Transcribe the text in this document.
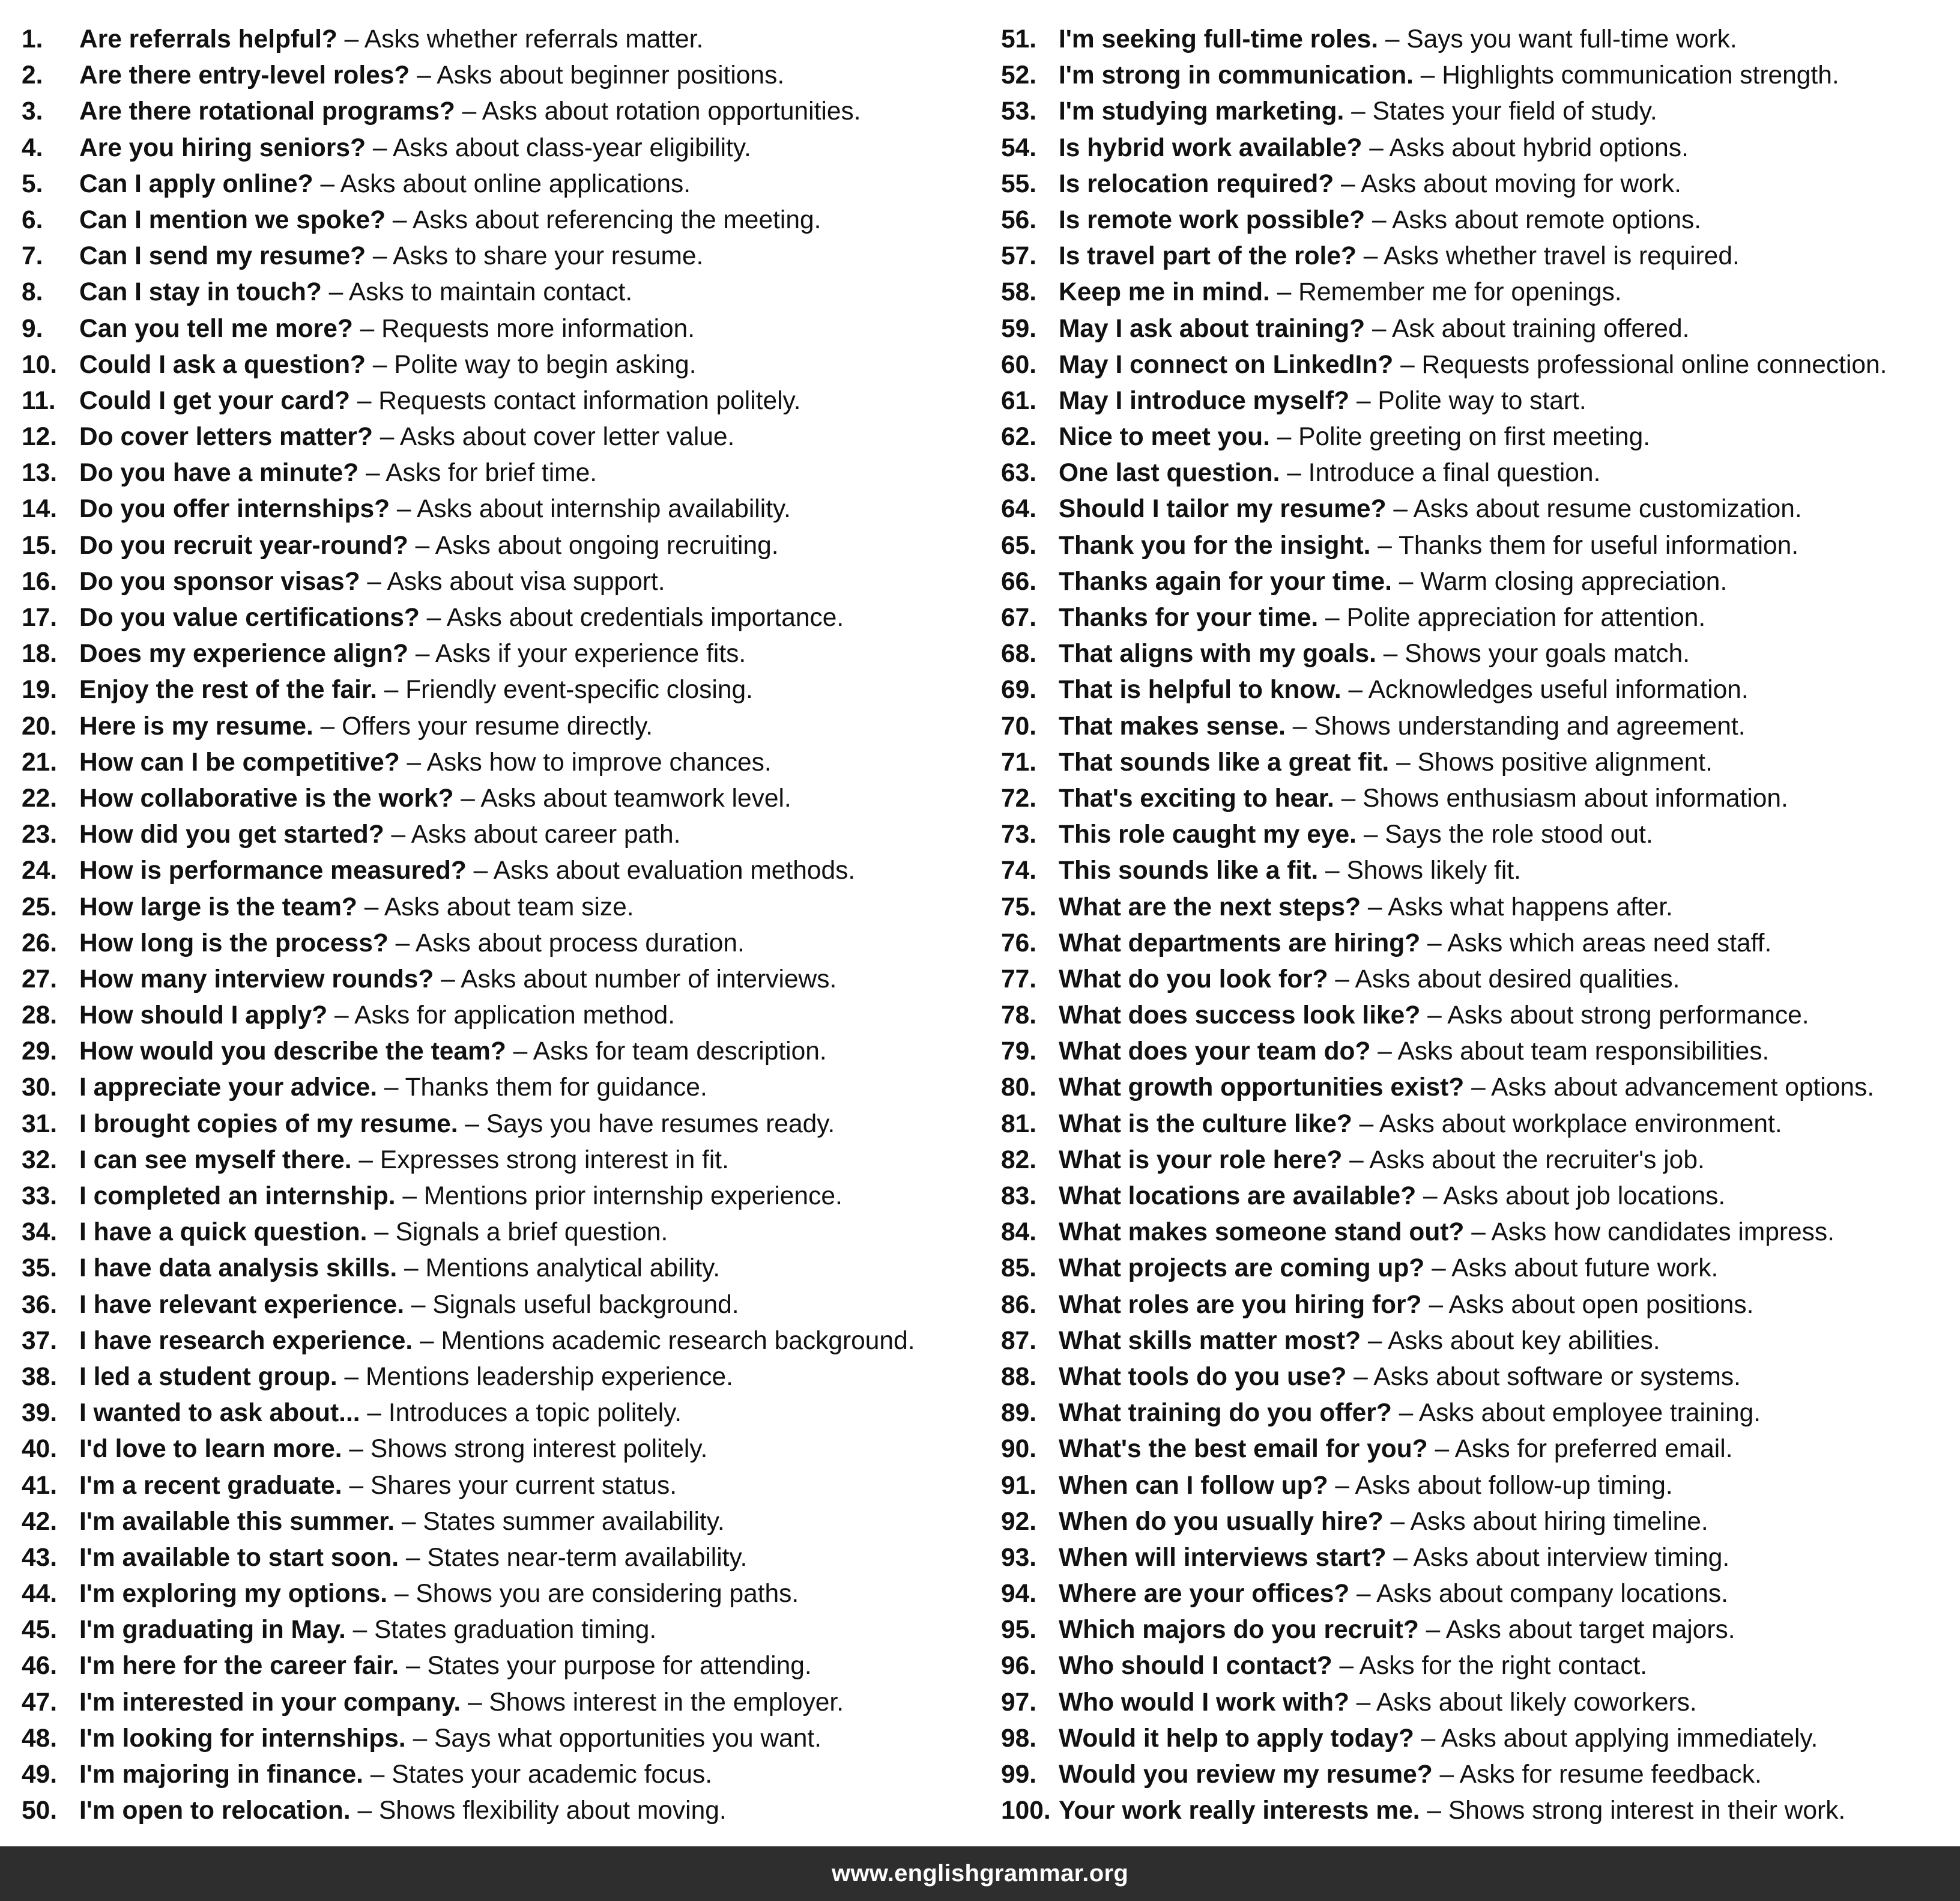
1.	Are referrals helpful? – Asks whether referrals matter.
2.	Are there entry-level roles? – Asks about beginner positions.
3.	Are there rotational programs? – Asks about rotation opportunities.
4.	Are you hiring seniors? – Asks about class-year eligibility.
5.	Can I apply online? – Asks about online applications.
6.	Can I mention we spoke? – Asks about referencing the meeting.
7.	Can I send my resume? – Asks to share your resume.
8.	Can I stay in touch? – Asks to maintain contact.
9.	Can you tell me more? – Requests more information.
10. Could I ask a question? – Polite way to begin asking.
11. Could I get your card? – Requests contact information politely.
12. Do cover letters matter? – Asks about cover letter value.
13. Do you have a minute? – Asks for brief time.
14. Do you offer internships? – Asks about internship availability.
15. Do you recruit year-round? – Asks about ongoing recruiting.
16. Do you sponsor visas? – Asks about visa support.
17. Do you value certifications? – Asks about credentials importance.
18. Does my experience align? – Asks if your experience fits.
19. Enjoy the rest of the fair. – Friendly event-specific closing.
20. Here is my resume. – Offers your resume directly.
21. How can I be competitive? – Asks how to improve chances.
22. How collaborative is the work? – Asks about teamwork level.
23. How did you get started? – Asks about career path.
24. How is performance measured? – Asks about evaluation methods.
25. How large is the team? – Asks about team size.
26. How long is the process? – Asks about process duration.
27. How many interview rounds? – Asks about number of interviews.
28. How should I apply? – Asks for application method.
29. How would you describe the team? – Asks for team description.
30. I appreciate your advice. – Thanks them for guidance.
31. I brought copies of my resume. – Says you have resumes ready.
32. I can see myself there. – Expresses strong interest in fit.
33. I completed an internship. – Mentions prior internship experience.
34. I have a quick question. – Signals a brief question.
35. I have data analysis skills. – Mentions analytical ability.
36. I have relevant experience. – Signals useful background.
37. I have research experience. – Mentions academic research background.
38. I led a student group. – Mentions leadership experience.
39. I wanted to ask about... – Introduces a topic politely.
40. I'd love to learn more. – Shows strong interest politely.
41. I'm a recent graduate. – Shares your current status.
42. I'm available this summer. – States summer availability.
43. I'm available to start soon. – States near-term availability.
44. I'm exploring my options. – Shows you are considering paths.
45. I'm graduating in May. – States graduation timing.
46. I'm here for the career fair. – States your purpose for attending.
47. I'm interested in your company. – Shows interest in the employer.
48. I'm looking for internships. – Says what opportunities you want.
49. I'm majoring in finance. – States your academic focus.
50. I'm open to relocation. – Shows flexibility about moving.
51. I'm seeking full-time roles. – Says you want full-time work.
52. I'm strong in communication. – Highlights communication strength.
53. I'm studying marketing. – States your field of study.
54. Is hybrid work available? – Asks about hybrid options.
55. Is relocation required? – Asks about moving for work.
56. Is remote work possible? – Asks about remote options.
57. Is travel part of the role? – Asks whether travel is required.
58. Keep me in mind. – Remember me for openings.
59. May I ask about training? – Ask about training offered.
60. May I connect on LinkedIn? – Requests professional online connection.
61. May I introduce myself? – Polite way to start.
62. Nice to meet you. – Polite greeting on first meeting.
63. One last question. – Introduce a final question.
64. Should I tailor my resume? – Asks about resume customization.
65. Thank you for the insight. – Thanks them for useful information.
66. Thanks again for your time. – Warm closing appreciation.
67. Thanks for your time. – Polite appreciation for attention.
68. That aligns with my goals. – Shows your goals match.
69. That is helpful to know. – Acknowledges useful information.
70. That makes sense. – Shows understanding and agreement.
71. That sounds like a great fit. – Shows positive alignment.
72. That's exciting to hear. – Shows enthusiasm about information.
73. This role caught my eye. – Says the role stood out.
74. This sounds like a fit. – Shows likely fit.
75. What are the next steps? – Asks what happens after.
76. What departments are hiring? – Asks which areas need staff.
77. What do you look for? – Asks about desired qualities.
78. What does success look like? – Asks about strong performance.
79. What does your team do? – Asks about team responsibilities.
80. What growth opportunities exist? – Asks about advancement options.
81. What is the culture like? – Asks about workplace environment.
82. What is your role here? – Asks about the recruiter's job.
83. What locations are available? – Asks about job locations.
84. What makes someone stand out? – Asks how candidates impress.
85. What projects are coming up? – Asks about future work.
86. What roles are you hiring for? – Asks about open positions.
87. What skills matter most? – Asks about key abilities.
88. What tools do you use? – Asks about software or systems.
89. What training do you offer? – Asks about employee training.
90. What's the best email for you? – Asks for preferred email.
91. When can I follow up? – Asks about follow-up timing.
92. When do you usually hire? – Asks about hiring timeline.
93. When will interviews start? – Asks about interview timing.
94. Where are your offices? – Asks about company locations.
95. Which majors do you recruit? – Asks about target majors.
96. Who should I contact? – Asks for the right contact.
97. Who would I work with? – Asks about likely coworkers.
98. Would it help to apply today? – Asks about applying immediately.
99. Would you review my resume? – Asks for resume feedback.
100. Your work really interests me. – Shows strong interest in their work.
www.englishgrammar.org
